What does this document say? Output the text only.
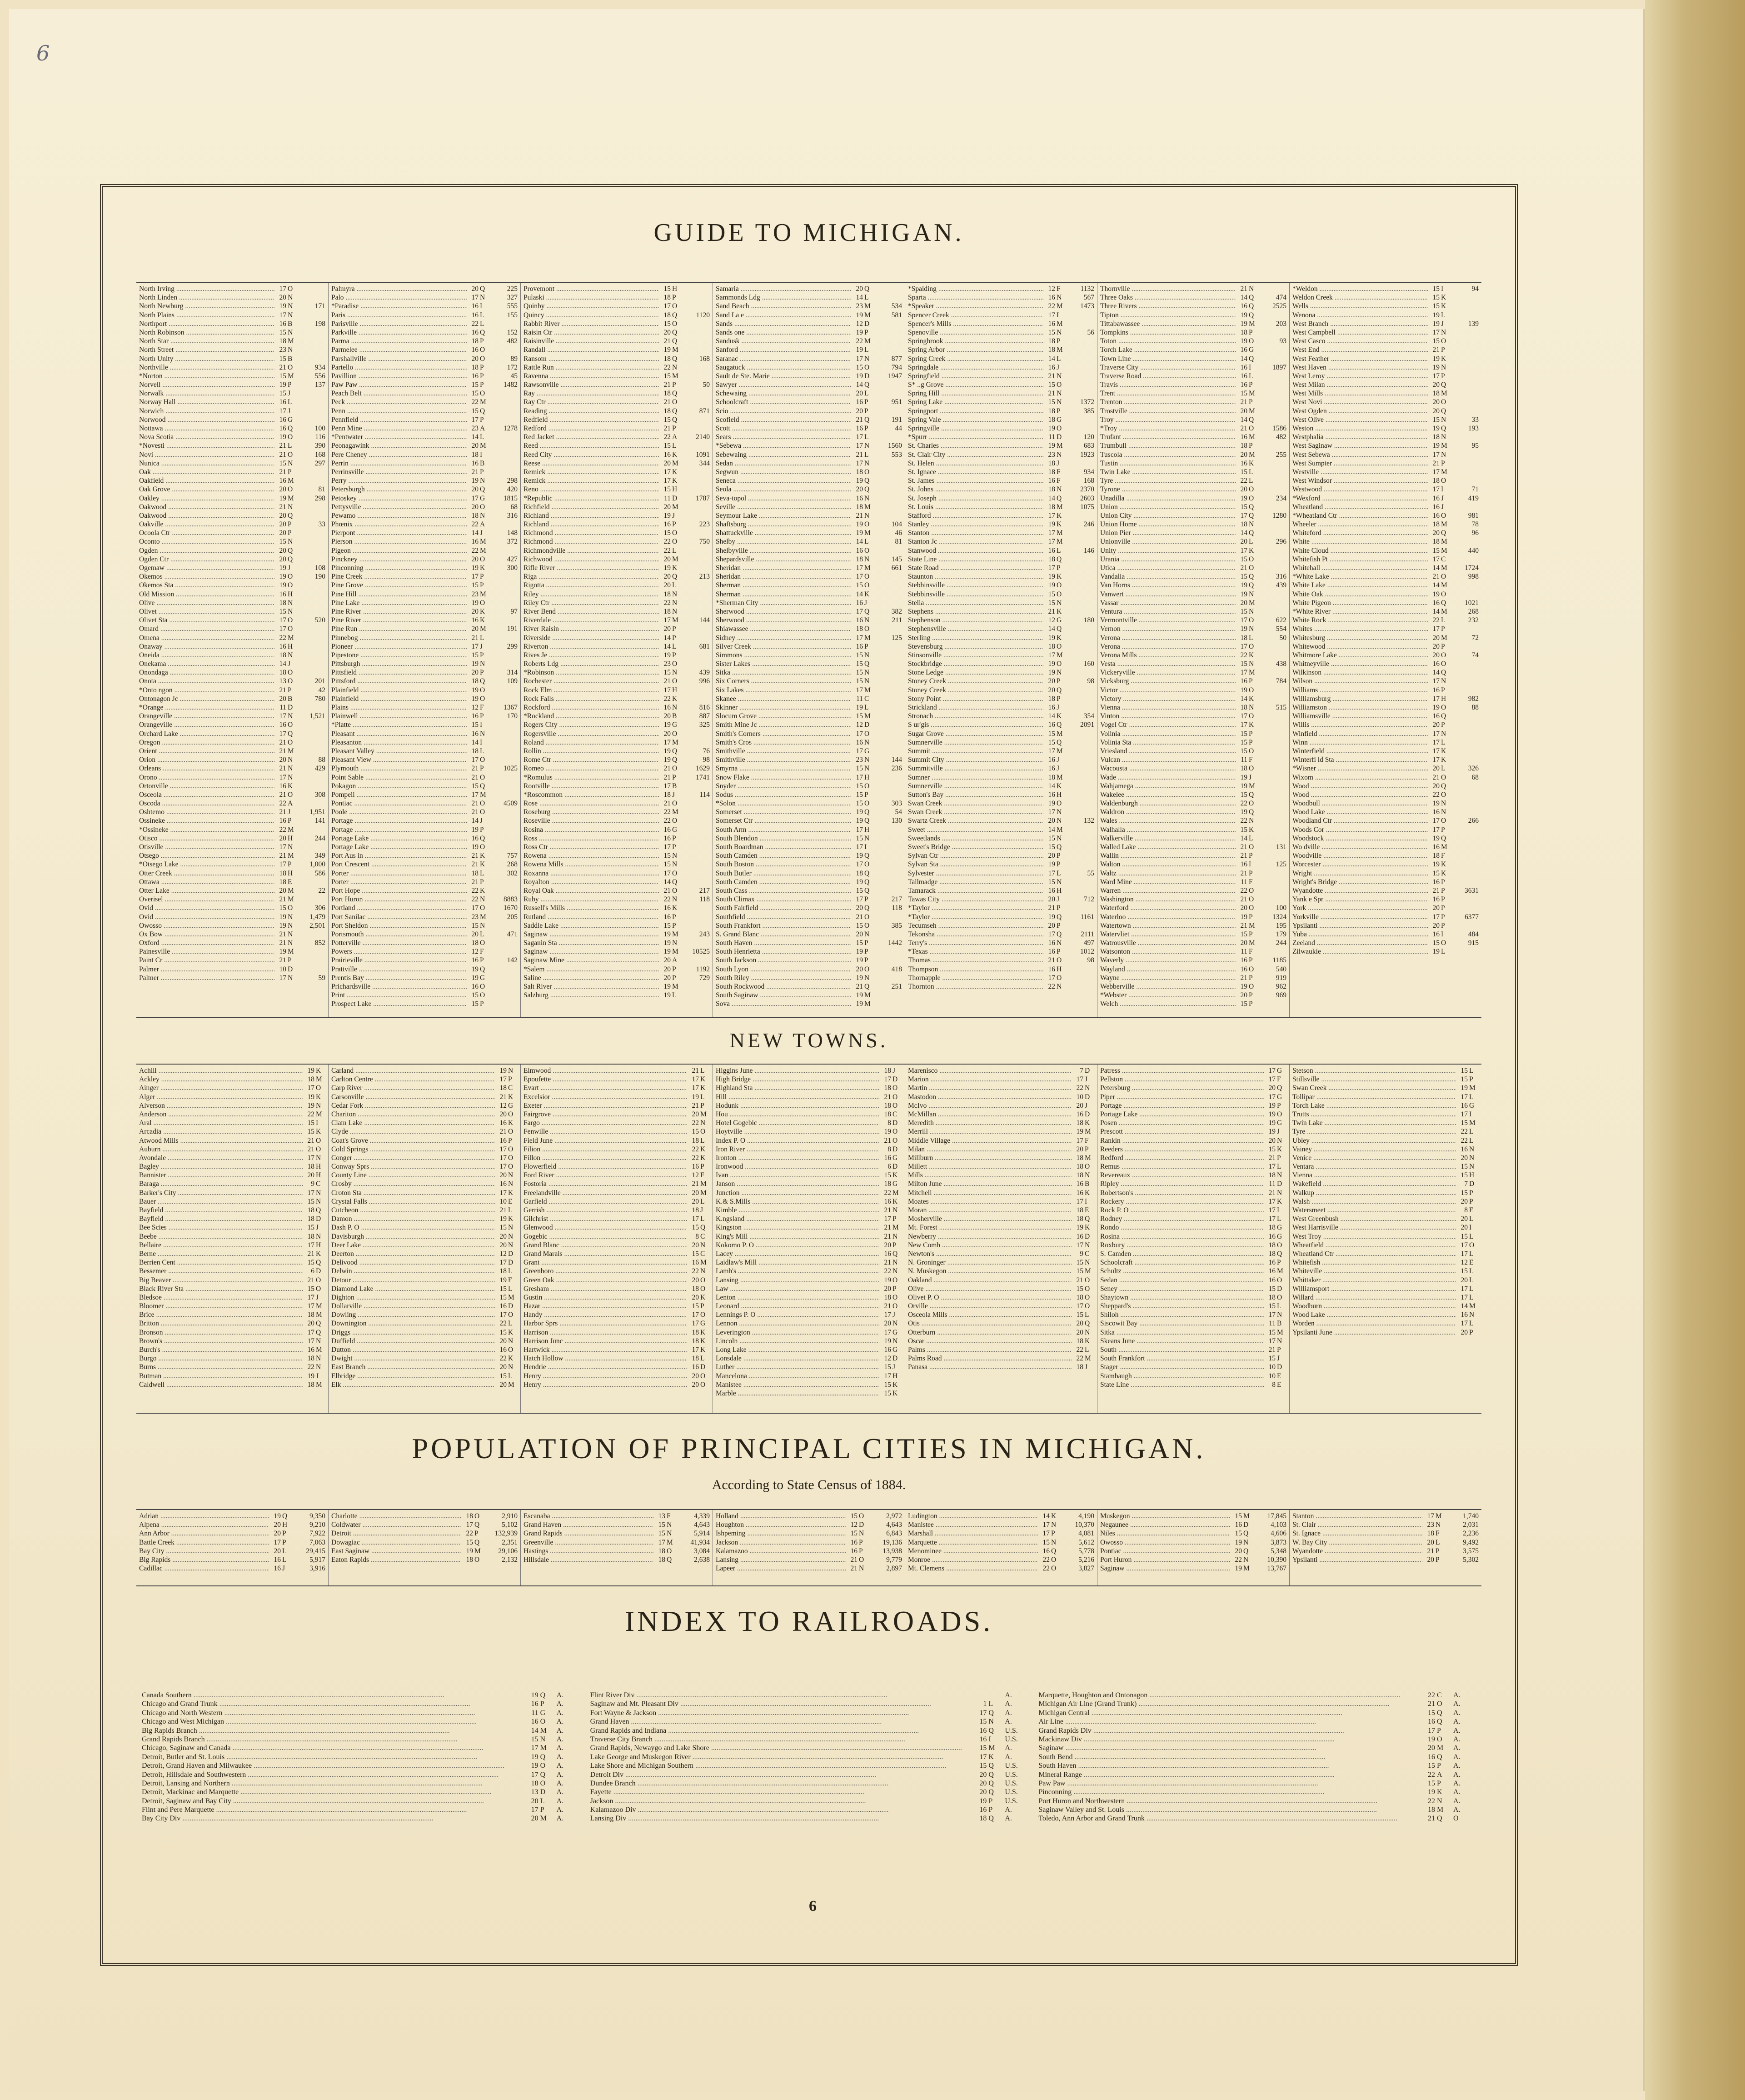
6
GUIDE TO MICHIGAN.
North Irving .....	17 O
North Linden .....	20 N
North Newburg .....	19 N	171
North Plains .....	17 N
Northport .....	16 B	198
North Robinson .....	15 N
North Star .....	18 M
North Street .....	23 N
North Unity .....	15 B
Northville .....	21 O	934
*Norton .....	15 M	556
Norvell .....	19 P	137
Norwalk .....	15 J
Norway Hall .....	16 L
Norwich .....	17 J
Norwood .....	16 G
Nottawa .....	16 Q	100
Nova Scotia .....	19 O	116
*Novesti .....	21 L	390
Novi .....	21 O	168
Nunica .....	15 N	297
Oak .....	21 P
Oakfield .....	16 M
Oak Grove .....	20 O	81
Oakley .....	19 M	298
Oakwood .....	21 N
Oakwood .....	20 Q
Oakville .....	20 P	33
Ocoola Ctr .....	20 P
Oconto .....	15 N
Ogden .....	20 Q
Ogden Ctr .....	20 Q
Ogemaw .....	19 J	108
Okemos .....	19 O	190
Okemos Sta .....	19 O
Old Mission .....	16 H
Olive .....	18 N
Olivet .....	15 N
Olivet Sta .....	17 O	520
Omard .....	17 O
Omena .....	22 M
Onaway .....	16 H
Oneida .....	18 N
Onekama .....	14 J
Onondaga .....	18 O
Onota .....	13 O	201
*Onto ngon .....	21 P	42
Ontonagon Jc .....	20 B	780
*Orange .....	11 D
Orangeville .....	17 N	1,521
Orangeville .....	16 O
Orchard Lake .....	17 Q
Oregon .....	21 O
Orient .....	21 M
Orion .....	20 N	88
Orleans .....	21 N	429
Orono .....	17 N
Ortonville .....	16 K
Osceola .....	21 O	308
Oscoda .....	22 A
Oshtemo .....	21 J	1,951
Ossineke .....	16 P	141
*Ossineke .....	22 M
Otisco .....	20 H	244
Otisville .....	17 N
Otsego .....	21 M	349
*Otsego Lake .....	17 P	1,000
Otter Creek .....	18 H	586
Ottawa .....	18 E
Otter Lake .....	20 M	22
Overisel .....	21 M
Ovid .....	15 O	306
Ovid .....	19 N	1,479
Owosso .....	19 N	2,501
Ox Bow .....	21 N
Oxford .....	21 N	852
Painesville .....	19 M
Paint Cr .....	21 P
Palmer .....	10 D
Palmer .....	17 N	59
Palmyra .....	20 Q	225
Palo .....	17 N	327
*Paradise .....	16 I	555
Paris .....	16 L	155
Parisville .....	22 L
Parkville .....	16 Q	152
Parma .....	18 P	482
Parmelee .....	16 O
Parshallville .....	20 O	89
Partello .....	18 P	172
Pavillion .....	16 P	45
Paw Paw .....	15 P	1482
Peach Belt .....	15 O
Peck .....	22 M
Penn .....	15 Q
Pennfield .....	17 P
Penn Mine .....	23 A	1278
*Pentwater .....	14 L
Peonagawink .....	20 M
Pere Cheney .....	18 I
Perrin .....	16 B
Perrinsville .....	21 P
Perry .....	19 N	298
Petersburgh .....	20 Q	420
Petoskey .....	17 G	1815
Pettysville .....	20 O	68
Pewamo .....	18 N	316
Phœnix .....	22 A
Pierpont .....	14 J	148
Pierson .....	16 M	372
Pigeon .....	22 M
Pinckney .....	20 O	427
Pinconning .....	19 K	300
Pine Creek .....	17 P
Pine Grove .....	15 P
Pine Hill .....	23 M
Pine Lake .....	19 O
Pine River .....	20 K	97
Pine River .....	16 K
Pine Run .....	20 M	191
Pinnebog .....	21 L
Pioneer .....	17 J	299
Pipestone .....	15 P
Pittsburgh .....	19 N
Pittsfield .....	20 P	314
Pittsford .....	18 Q	109
Plainfield .....	19 O
Plainfield .....	19 O
Plains .....	12 F	1367
Plainwell .....	16 P	170
*Platte .....	15 I
Pleasant .....	16 N
Pleasanton .....	14 I
Pleasant Valley .....	18 L
Pleasant View .....	17 O
Plymouth .....	21 P	1025
Point Sable .....	21 O
Pokagon .....	15 Q
Pompeii .....	17 M
Pontiac .....	21 O	4509
Poole .....	21 O
Portage .....	14 J
Portage .....	19 P
Portage Lake .....	16 Q
Portage Lake .....	19 O
Port Aus in .....	21 K	757
Port Crescent .....	21 K	268
Porter .....	18 L	302
Porter .....	21 P
Port Hope .....	22 K
Port Huron .....	22 N	8883
Portland .....	17 O	1670
Port Sanilac .....	23 M	205
Port Sheldon .....	15 N
Portsmouth .....	20 L	471
Potterville .....	18 O
Powers .....	12 F
Prairieville .....	16 P	142
Prattville .....	19 Q
Prentis Bay .....	19 G
Prichardsville .....	16 O
Print .....	15 O
Prospect Lake .....	15 P
Provemont .....	15 H
Pulaski .....	18 P
Quinby .....	17 O
Quincy .....	18 Q	1120
Rabbit River .....	15 O
Raisin Ctr .....	20 Q
Raisinville .....	21 Q
Randall .....	19 M
Ransom .....	18 Q	168
Rattle Run .....	22 N
Ravenna .....	15 M
Rawsonville .....	21 P	50
Ray .....	18 Q
Ray Ctr .....	21 O
Reading .....	18 Q	871
Redfield .....	15 Q
Redford .....	21 P
Red Jacket .....	22 A	2140
Reed .....	15 L
Reed City .....	16 K	1091
Reese .....	20 M	344
Remick .....	17 K
Remick .....	17 K
Reno .....	15 H
*Republic .....	11 D	1787
Richfield .....	20 M
Richland .....	19 J
Richland .....	16 P	223
Richmond .....	15 O
Richmond .....	22 O	750
Richmondville .....	22 L
Richwood .....	20 M
Rifle River .....	19 K
Riga .....	20 Q	213
Rigotta .....	20 L
Riley .....	18 N
Riley Ctr .....	22 N
River Bend .....	18 N
Riverdale .....	17 M	144
River Raisin .....	20 P
Riverside .....	14 P
Riverton .....	14 L	681
Rives Je .....	19 P
Roberts Ldg .....	23 O
*Robinson .....	15 N	439
Rochester .....	21 O	996
Rock Elm .....	17 H
Rock Falls .....	22 K
Rockford .....	16 N	816
*Rockland .....	20 B	887
Rogers City .....	19 G	325
Rogersville .....	20 O
Roland .....	17 M
Rollin .....	19 Q	76
Rome Ctr .....	19 Q	98
Romeo .....	21 O	1629
*Romulus .....	21 P	1741
Rootville .....	17 B
*Roscommon .....	18 J	114
Rose .....	21 O
Roseburg .....	22 M
Roseville .....	22 O
Rosina .....	16 G
Ross .....	16 P
Ross Ctr .....	17 P
Rowena .....	15 N
Rowena Mills .....	15 N
Roxanna .....	17 O
Royalton .....	14 Q
Royal Oak .....	21 O	217
Ruby .....	22 N	118
Russell's Mills .....	16 K
Rutland .....	16 P
Saddle Lake .....	15 P
Saginaw .....	19 M	243
Saganin Sta .....	19 N
Saginaw .....	19 M	10525
Saginaw Mine .....	20 A
*Salem .....	20 P	1192
Saline .....	20 P	729
Salt River .....	19 M
Salzburg .....	19 L
Samaria .....	20 Q
Sammonds Ldg .....	14 L
Sand Beach .....	23 M	534
Sand La e .....	19 M	581
Sands .....	12 D
Sands one .....	19 P
Sandusk .....	22 M
Sanford .....	19 L
Saranac .....	17 N	877
Saugatuck .....	15 O	794
Sault de Ste. Marie .....	19 D	1947
Sawyer .....	14 Q
Schewaing .....	20 L
Schoolcraft .....	16 P	951
Scio .....	20 P
Scofield .....	21 Q	191
Scott .....	16 P	44
Sears .....	17 L
*Sebewa .....	17 N	1560
Sebewaing .....	21 L	553
Sedan .....	17 N
Segwun .....	18 O
Seneca .....	19 Q
Seola .....	20 Q
Seva-topol .....	16 N
Seville .....	18 M
Seymour Lake .....	21 N
Shaftsburg .....	19 O	104
Shattuckville .....	19 M	46
Shelby .....	14 L	81
Shelbyville .....	16 O
Shepardsville .....	18 N	145
Sheridan .....	17 M	661
Sheridan .....	17 O
Sherman .....	15 O
Sherman .....	14 K
*Sherman City .....	16 J
Sherwood .....	17 Q	382
Sherwood .....	16 N	211
Shiawassee .....	18 O
Sidney .....	17 M	125
Silver Creek .....	16 P
Simmons .....	15 N
Sister Lakes .....	15 Q
Sitka .....	15 N
Six Corners .....	15 N
Six Lakes .....	17 M
Skanee .....	11 C
Skinner .....	19 L
Slocum Grove .....	15 M
Smith Mine Jc .....	12 D
Smith's Corners .....	17 O
Smith's Cros .....	16 N
Smithville .....	17 G
Smithville .....	23 N	144
Smyrna .....	15 N	236
Snow Flake .....	17 H
Snyder .....	15 O
Sodus .....	15 P
*Solon .....	15 O	303
Somerset .....	19 Q	54
Somerset Ctr .....	19 Q	130
South Arm .....	17 H
South Blendon .....	15 N
South Boardman .....	17 I
South Camden .....	19 Q
South Boston .....	17 O
South Butler .....	18 Q
South Camden .....	19 Q
South Cass .....	15 Q
South Climax .....	17 P	217
South Fairfield .....	20 Q	118
Southfield .....	21 O
South Frankfort .....	15 O	385
S. Grand Blanc .....	20 N
South Haven .....	15 P	1442
South Henrietta .....	19 P
South Jackson .....	19 P
South Lyon .....	20 O	418
South Riley .....	19 N
South Rockwood .....	21 Q	251
South Saginaw .....	19 M
Sova .....	19 M
*Spalding .....	12 F	1132
Sparta .....	16 N	567
*Speaker .....	22 M	1473
Spencer Creek .....	17 I
Spencer's Mills .....	16 M
Spenoville .....	15 N	56
Springbrook .....	18 P
Spring Arbor .....	18 M
Spring Creek .....	14 L
Springdale .....	16 J
Springfield .....	21 N
S* ..g Grove .....	15 O
Spring Hill .....	21 N
Spring Lake .....	15 N	1372
Springport .....	18 P	385
Spring Vale .....	18 G
Springville .....	19 O
*Spurr .....	11 D	120
St. Charles .....	19 M	683
St. Clair City .....	23 N	1923
St. Helen .....	18 J
St. Ignace .....	18 F	934
St. James .....	16 F	168
St. Johns .....	18 N	2370
St. Joseph .....	14 Q	2603
St. Louis .....	18 M	1075
Stafford .....	17 K
Stanley .....	19 K	246
Stanton .....	17 M
Stanton Jc .....	17 M
Stanwood .....	16 L	146
State Line .....	18 Q
State Road .....	17 P
Staunton .....	19 K
Stebbinsville .....	19 O
Stebbinsville .....	15 O
Stella .....	15 N
Stephens .....	21 K
Stephenson .....	12 G	180
Stephensville .....	14 Q
Sterling .....	19 K
Stevensburg .....	18 O
Stinsonville .....	17 M
Stockbridge .....	19 O	160
Stone Ledge .....	19 N
Stoney Creek .....	20 P	98
Stoney Creek .....	20 Q
Stony Point .....	18 P
Strickland .....	16 J
Stronach .....	14 K	354
S ur'gis .....	16 Q	2091
Sugar Grove .....	15 M
Sumnerville .....	15 Q
Summit .....	17 M
Summit City .....	16 J
Summitville .....	16 J
Sumner .....	18 M
Sumnerville .....	14 K
Sutton's Bay .....	16 H
Swan Creek .....	19 O
Swan Creek .....	17 N
Swartz Creek .....	20 N	132
Sweet .....	14 M
Sweetlands .....	15 N
Sweet's Bridge .....	15 Q
Sylvan Ctr .....	20 P
Sylvan Sta .....	19 P
Sylvester .....	17 L	55
Tallmadge .....	15 N
Tamarack .....	16 H
Tawas City .....	20 J	712
*Taylor .....	21 P
*Taylor .....	19 Q	1161
Tecumseh .....	20 P
Tekonsha .....	17 Q	2111
Terry's .....	16 N	497
*Texas .....	16 P	1012
Thomas .....	21 O	98
Thompson .....	16 H
Thornapple .....	17 O
Thornton .....	22 N
Thornville .....	21 N
Three Oaks .....	14 Q	474
Three Rivers .....	16 Q	2525
Tipton .....	19 Q
Tittabawassee .....	19 M	203
Tompkins .....	18 P
Toton .....	19 O	93
Torch Lake .....	16 G
Town Line .....	14 Q
Traverse City .....	16 I	1897
Traverse Road .....	16 L
Travis .....	16 P
Trent .....	15 M
Trenton .....	21 P
Trostville .....	20 M
Troy .....	14 Q
*Troy .....	21 O	1586
Trufant .....	16 M	482
Trumbull .....	18 P
Tuscola .....	20 M	255
Tustin .....	16 K
Twin Lake .....	15 L
Tyre .....	22 L
Tyrone .....	20 O
Unadilla .....	19 O	234
Union .....	15 Q
Union City .....	17 Q	1280
Union Home .....	18 N
Union Pier .....	14 Q
Unionville .....	20 L	296
Unity .....	17 K
Urania .....	15 O
Utica .....	21 O
Vandalia .....	15 Q	316
Van Horns .....	19 Q	439
Vanwert .....	19 N
Vassar .....	20 M
Ventura .....	15 N
Vermontville .....	17 O	622
Vernon .....	19 N	554
Verona .....	18 L	50
Verona .....	17 O
Verona Mills .....	22 K
Vesta .....	15 N	438
Vickeryville .....	17 M
Vicksburg .....	16 P	784
Victor .....	19 O
Victory .....	14 K
Vienna .....	18 N	515
Vinton .....	17 O
Vogel Ctr .....	17 K
Volinia .....	15 P
Volinia Sta .....	15 P
Vriesland .....	15 O
Vulcan .....	11 F
Wacousta .....	18 O
Wade .....	19 J
Wahjamega .....	19 M
Wakelee .....	15 Q
Waldenburgh .....	22 O
Waldron .....	19 Q
Wales .....	22 N
Walhalla .....	15 K
Walkerville .....	14 L
Walled Lake .....	21 O	131
Wallin .....	21 P
Walton .....	16 I	125
Waltz .....	21 P
Ward Mine .....	11 F
Warren .....	22 O
Washington .....	21 O
Waterford .....	20 O	100
Waterloo .....	19 P	1324
Watertown .....	21 M	195
Watervliet .....	15 P	179
Watrousville .....	20 M	244
Watsonton .....	11 F
Waverly .....	16 P	1185
Wayland .....	16 O	540
Wayne .....	21 P	919
Webberville .....	19 O	962
*Webster .....	20 P	969
Welch .....	15 P
*Weldon .....	15 I	94
Weldon Creek .....	15 K
Wells .....	15 K
Wenona .....	19 L
West Branch .....	19 J	139
West Campbell .....	17 N
West Casco .....	15 O
West End .....	21 P
West Feather .....	19 K
West Haven .....	19 N
West Leroy .....	17 P
West Milan .....	20 Q
West Mills .....	18 M
West Novi .....	20 O
West Ogden .....	20 Q
West Olive .....	15 N	33
Weston .....	19 Q	193
Westphalia .....	18 N
West Saginaw .....	19 M	95
West Sebewa .....	17 N
West Sumpter .....	21 P
Westville .....	17 M
West Windsor .....	18 O
Westwood .....	17 I	71
*Wexford .....	16 J	419
Wheatland .....	16 J
*Wheatland Ctr .....	16 O	981
Wheeler .....	18 M	78
Whiteford .....	20 Q	96
White .....	18 M
White Cloud .....	15 M	440
Whitefish Pt .....	17 C
Whitehall .....	14 M	1724
*White Lake .....	21 O	998
White Lake .....	14 M
White Oak .....	19 O
White Pigeon .....	16 Q	1021
*White River .....	14 M	268
White Rock .....	22 L	232
Whites .....	17 P
Whitesburg .....	20 M	72
Whitewood .....	20 P
Whitmore Lake .....	20 O	74
Whitneyville .....	16 O
Wilkinson .....	14 Q
Wilson .....	17 N
Williams .....	16 P
Williamsburg .....	17 H	982
Williamston .....	19 O	88
Williamsville .....	16 Q
Willis .....	20 P
Winfield .....	17 N
Winn .....	17 L
Winterfield .....	17 K
Winterfi ld Sta .....	17 K
*Wisner .....	20 L	326
Wixom .....	21 O	68
Wood .....	20 Q
Wood .....	22 O
Woodbull .....	19 N
Wood Lake .....	16 N
Woodland Ctr .....	17 O	266
Woods Cor .....	17 P
Woodstock .....	19 Q
Wo dville .....	16 M
Woodville .....	18 F
Worcester .....	19 K
Wright .....	15 K
Wright's Bridge .....	16 P
Wyandotte .....	21 P	3631
Yank e Spr .....	16 P
York .....	20 P
Yorkville .....	17 P	6377
Ypsilanti .....	20 P
Yuba .....	16 I	484
Zeeland .....	15 O	915
Zilwaukie .....	19 L
NEW TOWNS.
Achill .....	19 K
Ackley .....	18 M
Ainger .....	17 O
Alger .....	19 K
Alverson .....	19 N
Anderson .....	22 M
Aral .....	15 I
Arcadia .....	15 K
Atwood Mills .....	21 O
Auburn .....	21 O
Avondale .....	17 N
Bagley .....	18 H
Bannister .....	20 H
Baraga .....	9 C
Barker's City .....	17 N
Bauer .....	15 N
Bayfield .....	18 Q
Bayfield .....	18 D
Bee Scies .....	15 J
Beebe .....	18 N
Bellaire .....	17 H
Berne .....	21 K
Berrien Cent .....	15 Q
Bessemer .....	6 D
Big Beaver .....	21 O
Black River Sta .....	15 O
Bledsoe .....	17 J
Bloomer .....	17 M
Brice .....	18 M
Britton .....	20 Q
Bronson .....	17 Q
Brown's .....	17 N
Burch's .....	16 M
Burgo .....	18 N
Burns .....	22 N
Butman .....	19 J
Caldwell .....	18 M
Carland .....	19 N
Carlton Centre .....	17 P
Carp River .....	18 C
Carsonville .....	21 K
Cedar Fork .....	12 G
Chariton .....	20 O
Clam Lake .....	16 K
Clyde .....	21 O
Coat's Grove .....	16 P
Cold Springs .....	17 O
Conger .....	17 O
Conway Sprs .....	17 O
County Line .....	20 N
Crosby .....	16 N
Croton Sta .....	17 K
Crystal Falls .....	10 E
Cutcheon .....	21 L
Damon .....	19 K
Dash P. O .....	15 N
Davisburgh .....	20 N
Deer Lake .....	20 N
Deerton .....	12 D
Delivood .....	17 D
Delwin .....	18 L
Detour .....	19 F
Diamond Lake .....	15 L
Dighton .....	15 M
Dollarville .....	16 D
Dowling .....	17 O
Downington .....	22 L
Driggs .....	15 K
Duffield .....	20 N
Dutton .....	16 O
Dwight .....	22 K
East Branch .....	20 N
Elbridge .....	15 L
Elk .....	20 M
Elmwood .....	21 L
Epoufette .....	17 K
Evart .....	17 K
Excelsior .....	19 L
Exeter .....	21 P
Fairgrove .....	20 M
Fargo .....	22 N
Fenwille .....	15 O
Field June .....	18 L
Filion .....	22 K
Fillon .....	22 K
Flowerfield .....	16 P
Ford River .....	12 F
Fostoria .....	21 M
Freelandville .....	20 M
Garfield .....	20 L
Gerrish .....	18 J
Gilchrist .....	17 L
Glenwood .....	15 Q
Gogebic .....	8 C
Grand Blanc .....	20 N
Grand Marais .....	15 C
Grant .....	16 M
Greenboro .....	22 N
Green Oak .....	20 O
Gresham .....	18 O
Gustin .....	20 K
Hazar .....	15 P
Handy .....	17 O
Harbor Sprs .....	17 G
Harrison .....	18 K
Harrison Junc .....	18 K
Hartwick .....	17 K
Hatch Hollow .....	18 L
Hendrie .....	16 D
Henry .....	20 O
Henry .....	20 O
Higgins June .....	18 J
High Bridge .....	17 D
Highland Sta .....	18 O
Hill .....	21 O
Hodunk .....	18 O
Hou .....	18 C
Hotel Gogebic .....	8 D
Hoytville .....	19 O
Index P. O .....	21 O
Iron River .....	8 D
Ironton .....	16 G
Ironwood .....	6 D
Ivan .....	15 K
Janson .....	18 G
Junction .....	22 M
K.& S.Mills .....	16 K
Kimble .....	21 N
K.ngsland .....	17 P
Kingston .....	21 M
King's Mill .....	21 N
Kokomo P. O .....	20 P
Lacey .....	16 Q
Laidlaw's Mill .....	21 N
Lamb's .....	22 N
Lansing .....	19 O
Law .....	20 P
Lenton .....	18 O
Leonard .....	21 O
Lennings P. O .....	17 J
Lennon .....	20 N
Leverington .....	17 G
Lincoln .....	19 N
Long Lake .....	16 G
Lonsdale .....	12 D
Luther .....	15 J
Mancelona .....	17 H
Manistee .....	15 K
Marble .....	15 K
Marenisco .....	7 D
Marion .....	17 J
Martin .....	22 N
Mastodon .....	10 D
McIvo .....	20 J
McMillan .....	16 D
Meredith .....	18 K
Merrill .....	19 M
Middle Village .....	17 F
Milan .....	20 P
Millburn .....	18 M
Millett .....	18 O
Mills .....	18 N
Milton June .....	16 B
Mitchell .....	16 K
Moates .....	17 I
Moran .....	18 E
Mosherville .....	18 Q
Mt. Forest .....	19 K
Newberry .....	16 D
New Comb .....	17 N
Newton's .....	9 C
N. Groninger .....	15 N
N. Muskegon .....	15 M
Oakland .....	21 O
Olive .....	15 O
Olivet P. O .....	18 O
Orville .....	17 O
Osceola Mills .....	15 L
Otis .....	20 Q
Otterburn .....	20 N
Oscar .....	18 K
Palms .....	22 L
Palms Road .....	22 M
Panasa .....	18 J
Patress .....	17 G
Pellston .....	17 F
Petersburg .....	20 Q
Piper .....	17 G
Portage .....	19 P
Portage Lake .....	19 O
Posen .....	19 G
Prescott .....	19 J
Rankin .....	20 N
Reeders .....	15 K
Redford .....	21 P
Remus .....	17 L
Revereaux .....	18 N
Ripley .....	11 D
Robertson's .....	21 N
Rockery .....	17 K
Rock P. O .....	17 I
Rodney .....	17 L
Rondo .....	18 G
Rosina .....	16 G
Roxbury .....	18 O
S. Camden .....	18 Q
Schoolcraft .....	16 P
Schultz .....	16 M
Sedan .....	16 O
Seney .....	15 D
Shaytown .....	18 O
Sheppard's .....	15 L
Shiloh .....	17 N
Siscowit Bay .....	11 B
Sitka .....	15 M
Skeans June .....	17 N
South .....	21 P
South Frankfort .....	15 J
Stager .....	10 D
Stambaugh .....	10 E
State Line .....	8 E
Stetson .....	15 L
Stillsville .....	15 P
Swan Creek .....	19 M
Tollipar .....	17 L
Torch Lake .....	16 G
Trutts .....	17 I
Twin Lake .....	15 M
Tyre .....	22 L
Ubley .....	22 L
Vainey .....	16 N
Venice .....	20 N
Ventara .....	15 N
Vienna .....	15 H
Wakefield .....	7 D
Walkup .....	15 P
Walsh .....	20 P
Watersmeet .....	8 E
West Greenbush .....	20 L
West Harrisville .....	20 I
West Troy .....	15 L
Wheatfield .....	17 O
Wheatland Ctr .....	17 L
Whitefish .....	12 E
Whiteville .....	15 L
Whittaker .....	20 L
Williamsport .....	17 L
Willard .....	17 L
Woodburn .....	14 M
Wood Lake .....	16 N
Worden .....	17 L
Ypsilanti June .....	20 P
POPULATION OF PRINCIPAL CITIES IN MICHIGAN.
According to State Census of 1884.
Adrian .....	19 Q	9,350
Alpena .....	20 H	9,210
Ann Arbor .....	20 P	7,922
Battle Creek .....	17 P	7,063
Bay City .....	20 L	29,415
Big Rapids .....	16 L	5,917
Cadillac .....	16 J	3,916
Charlotte .....	18 O	2,910
Coldwater .....	17 Q	5,102
Detroit .....	22 P	132,939
Dowagiac .....	15 Q	2,351
East Saginaw .....	19 M	29,106
Eaton Rapids .....	18 O	2,132
Escanaba .....	13 F	4,339
Grand Haven .....	15 N	4,643
Grand Rapids .....	15 N	5,914
Greenville .....	17 M	41,934
Hastings .....	18 O	3,084
Hillsdale .....	18 Q	2,638
Holland .....	15 O	2,972
Houghton .....	12 D	4,643
Ishpeming .....	15 N	6,843
Jackson .....	16 P	19,136
Kalamazoo .....	16 P	13,938
Lansing .....	21 O	9,779
Lapeer .....	21 N	2,897
Ludington .....	14 K	4,190
Manistee .....	17 N	10,370
Marshall .....	17 P	4,081
Marquette .....	15 N	5,612
Menominee .....	16 Q	5,778
Monroe .....	22 O	5,216
Mt. Clemens .....	22 O	3,827
Muskegon .....	15 M	17,845
Negaunee .....	16 D	4,103
Niles .....	15 Q	4,606
Owosso .....	19 N	3,873
Pontiac .....	20 Q	5,348
Port Huron .....	22 N	10,390
Saginaw .....	19 M	13,767
Stanton .....	17 M	1,740
St. Clair .....	23 N	2,031
St. Ignace .....	18 F	2,236
W. Bay City .....	20 L	9,492
Wyandotte .....	21 P	3,575
Ypsilanti .....	20 P	5,302
INDEX TO RAILROADS.
Canada Southern .....	19 Q	A.
Chicago and Grand Trunk .....	16 P	A.
Chicago and North Western .....	11 G	A.
Chicago and West Michigan .....	16 O	A.
Big Rapids Branch .....	14 M	A.
Grand Rapids Branch .....	15 N	A.
Chicago, Saginaw and Canada .....	17 M	A.
Detroit, Butler and St. Louis .....	19 Q	A.
Detroit, Grand Haven and Milwaukee .....	19 O	A.
Detroit, Hillsdale and Southwestern .....	17 Q	A.
Detroit, Lansing and Northern .....	18 O	A.
Detroit, Mackinac and Marquette .....	13 D	A.
Detroit, Saginaw and Bay City .....	20 L	A.
Flint and Pere Marquette .....	17 P	A.
Bay City Div .....	20 M	A.
Flint River Div .....	A.
Saginaw and Mt. Pleasant Div .....	1 L	A.
Fort Wayne & Jackson .....	17 Q	A.
Grand Haven .....	15 N	A.
Grand Rapids and Indiana .....	16 Q	U.S.
Traverse City Branch .....	16 I	U.S.
Grand Rapids, Newaygo and Lake Shore .....	15 M	A.
Lake George and Muskegon River .....	17 K	A.
Lake Shore and Michigan Southern .....	15 Q	U.S.
Detroit Div .....	20 Q	U.S.
Dundee Branch .....	20 Q	U.S.
Fayette .....	20 Q	U.S.
Jackson .....	19 P	U.S.
Kalamazoo Div .....	16 P	A.
Lansing Div .....	18 Q	A.
Marquette, Houghton and Ontonagon .....	22 C	A.
Michigan Air Line (Grand Trunk) .....	21 O	A.
Michigan Central .....	15 Q	A.
Air Line .....	16 Q	A.
Grand Rapids Div .....	17 P	A.
Mackinaw Div .....	19 O	A.
Saginaw .....	20 M	A.
South Bend .....	16 Q	A.
South Haven .....	15 P	A.
Mineral Range .....	22 A	A.
Paw Paw .....	15 P	A.
Pinconning .....	19 K	A.
Port Huron and Northwestern .....	22 N	A.
Saginaw Valley and St. Louis .....	18 M	A.
Toledo, Ann Arbor and Grand Trunk .....	21 Q	O
6
